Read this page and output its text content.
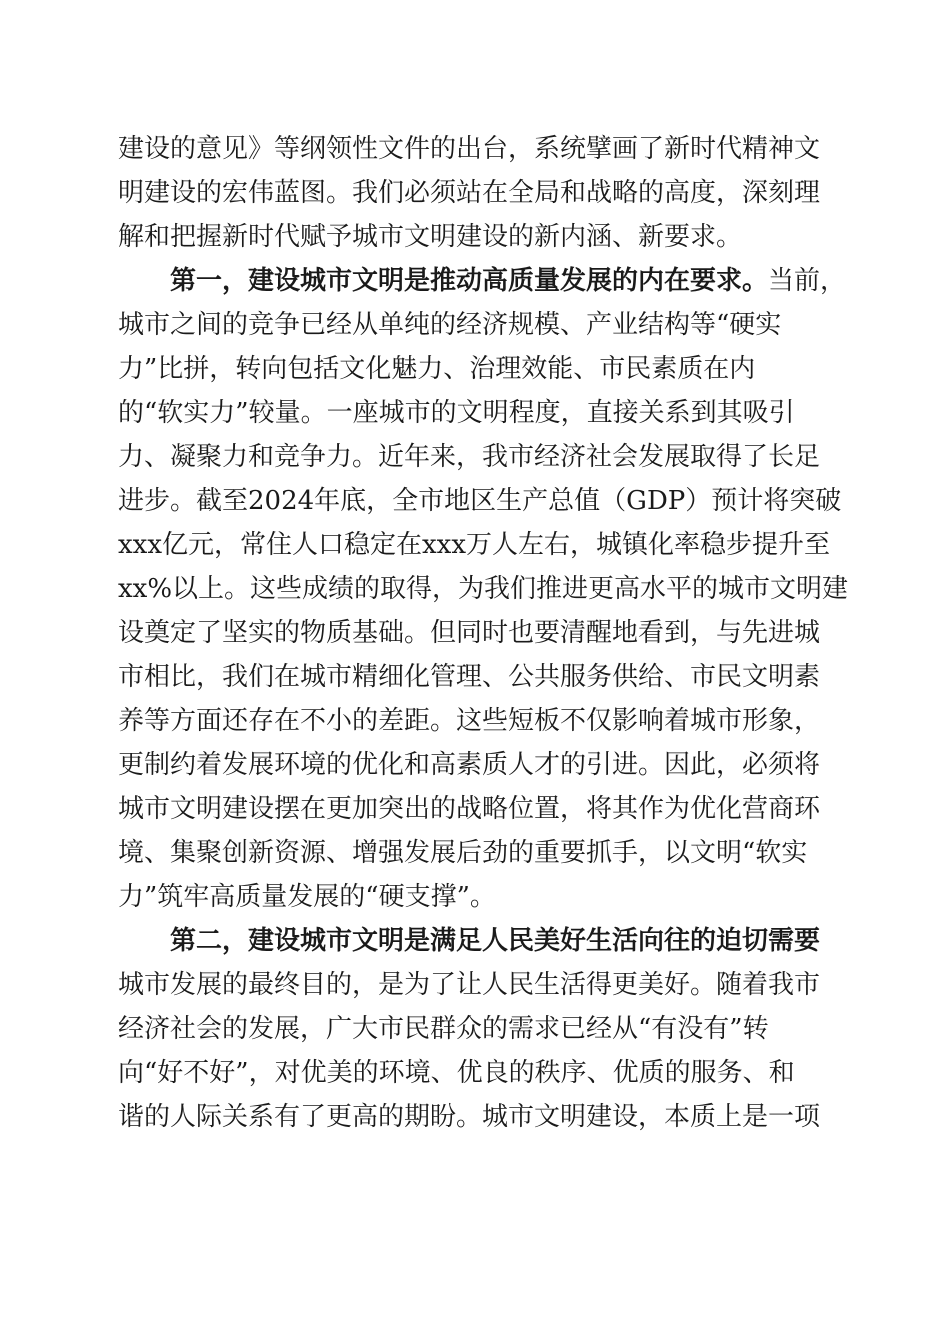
建设的意见》等纲领性文件的出台，系统擘画了新时代精神文
明建设的宏伟蓝图。我们必须站在全局和战略的高度，深刻理
解和把握新时代赋予城市文明建设的新内涵、新要求。
第一，建设城市文明是推动高质量发展的内在要求。当前，
城市之间的竞争已经从单纯的经济规模、产业结构等“硬实
力”比拼，转向包括文化魅力、治理效能、市民素质在内
的“软实力”较量。一座城市的文明程度，直接关系到其吸引
力、凝聚力和竞争力。近年来，我市经济社会发展取得了长足
进步。截至2024年底，全市地区生产总值（GDP）预计将突破
xxx亿元，常住人口稳定在xxx万人左右，城镇化率稳步提升至
xx%以上。这些成绩的取得，为我们推进更高水平的城市文明建
设奠定了坚实的物质基础。但同时也要清醒地看到，与先进城
市相比，我们在城市精细化管理、公共服务供给、市民文明素
养等方面还存在不小的差距。这些短板不仅影响着城市形象，
更制约着发展环境的优化和高素质人才的引进。因此，必须将
城市文明建设摆在更加突出的战略位置，将其作为优化营商环
境、集聚创新资源、增强发展后劲的重要抓手，以文明“软实
力”筑牢高质量发展的“硬支撑”。
第二，建设城市文明是满足人民美好生活向往的迫切需要
城市发展的最终目的，是为了让人民生活得更美好。随着我市
经济社会的发展，广大市民群众的需求已经从“有没有”转
向“好不好”，对优美的环境、优良的秩序、优质的服务、和
谐的人际关系有了更高的期盼。城市文明建设，本质上是一项
